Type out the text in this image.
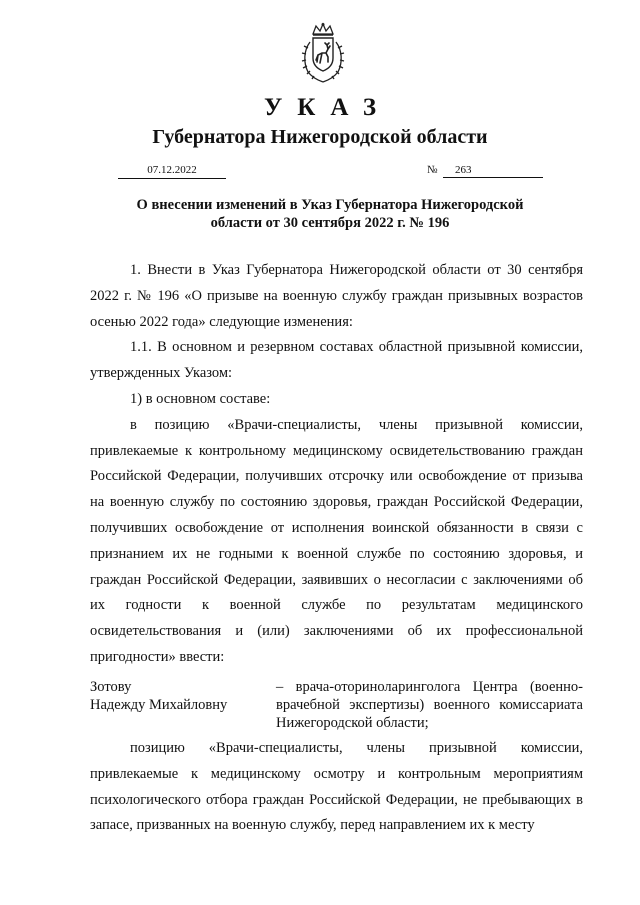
УКАЗ
Губернатора Нижегородской области
07.12.2022	№ 263
О внесении изменений в Указ Губернатора Нижегородской области от 30 сентября 2022 г. № 196

1. Внести в Указ Губернатора Нижегородской области от 30 сентября 2022 г. № 196 «О призыве на военную службу граждан призывных возрастов осенью 2022 года» следующие изменения:

1.1. В основном и резервном составах областной призывной комиссии, утвержденных Указом:

1) в основном составе:

в позицию «Врачи-специалисты, члены призывной комиссии, привлекаемые к контрольному медицинскому освидетельствованию граждан Российской Федерации, получивших отсрочку или освобождение от призыва на военную службу по состоянию здоровья, граждан Российской Федерации, получивших освобождение от исполнения воинской обязанности в связи с признанием их не годными к военной службе по состоянию здоровья, и граждан Российской Федерации, заявивших о несогласии с заключениями об их годности к военной службе по результатам медицинского освидетельствования и (или) заключениями об их профессиональной пригодности» ввести:

Зотову
Надежду Михайловну
– врача-оториноларинголога Центра (военно-врачебной экспертизы) военного комиссариата Нижегородской области;

позицию «Врачи-специалисты, члены призывной комиссии, привлекаемые к медицинскому осмотру и контрольным мероприятиям психологического отбора граждан Российской Федерации, не пребывающих в запасе, призванных на военную службу, перед направлением их к месту
